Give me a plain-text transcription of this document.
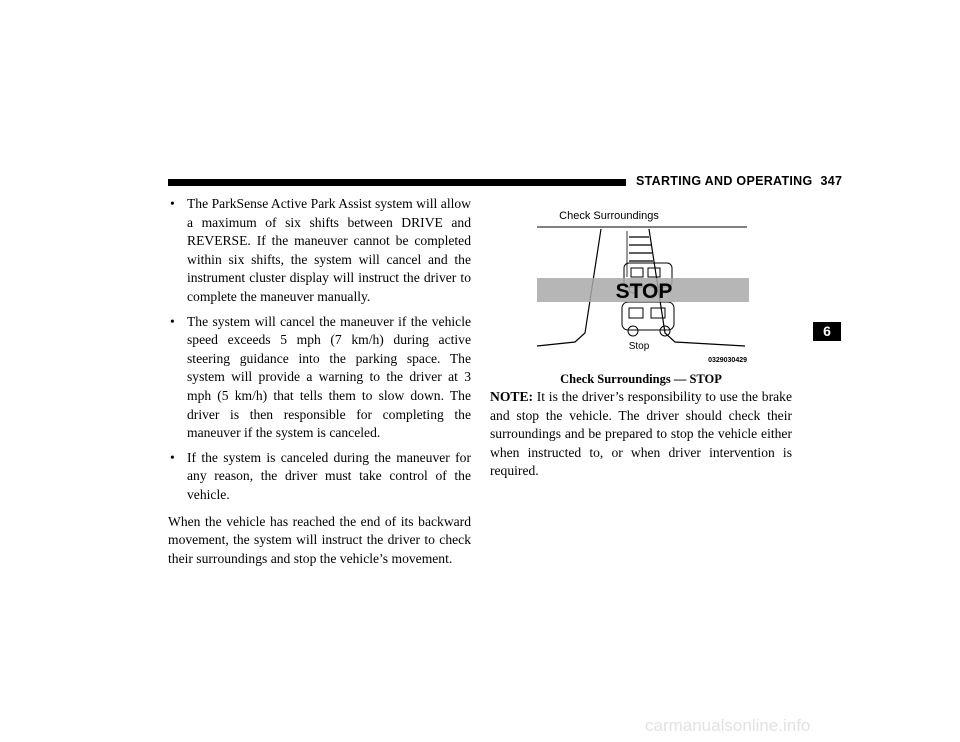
STARTING AND OPERATING 347
• The ParkSense Active Park Assist system will allow a maximum of six shifts between DRIVE and REVERSE. If the maneuver cannot be completed within six shifts, the system will cancel and the instrument cluster display will instruct the driver to complete the maneuver manually.
• The system will cancel the maneuver if the vehicle speed exceeds 5 mph (7 km/h) during active steering guidance into the parking space. The system will provide a warning to the driver at 3 mph (5 km/h) that tells them to slow down. The driver is then responsible for completing the maneuver if the system is canceled.
• If the system is canceled during the maneuver for any reason, the driver must take control of the vehicle.

When the vehicle has reached the end of its backward movement, the system will instruct the driver to check their surroundings and stop the vehicle’s movement.

Check Surroundings
STOP
Stop
0329030429
Check Surroundings — STOP

NOTE: It is the driver’s responsibility to use the brake and stop the vehicle. The driver should check their surroundings and be prepared to stop the vehicle either when instructed to, or when driver intervention is required.

6
carmanualsonline.info
